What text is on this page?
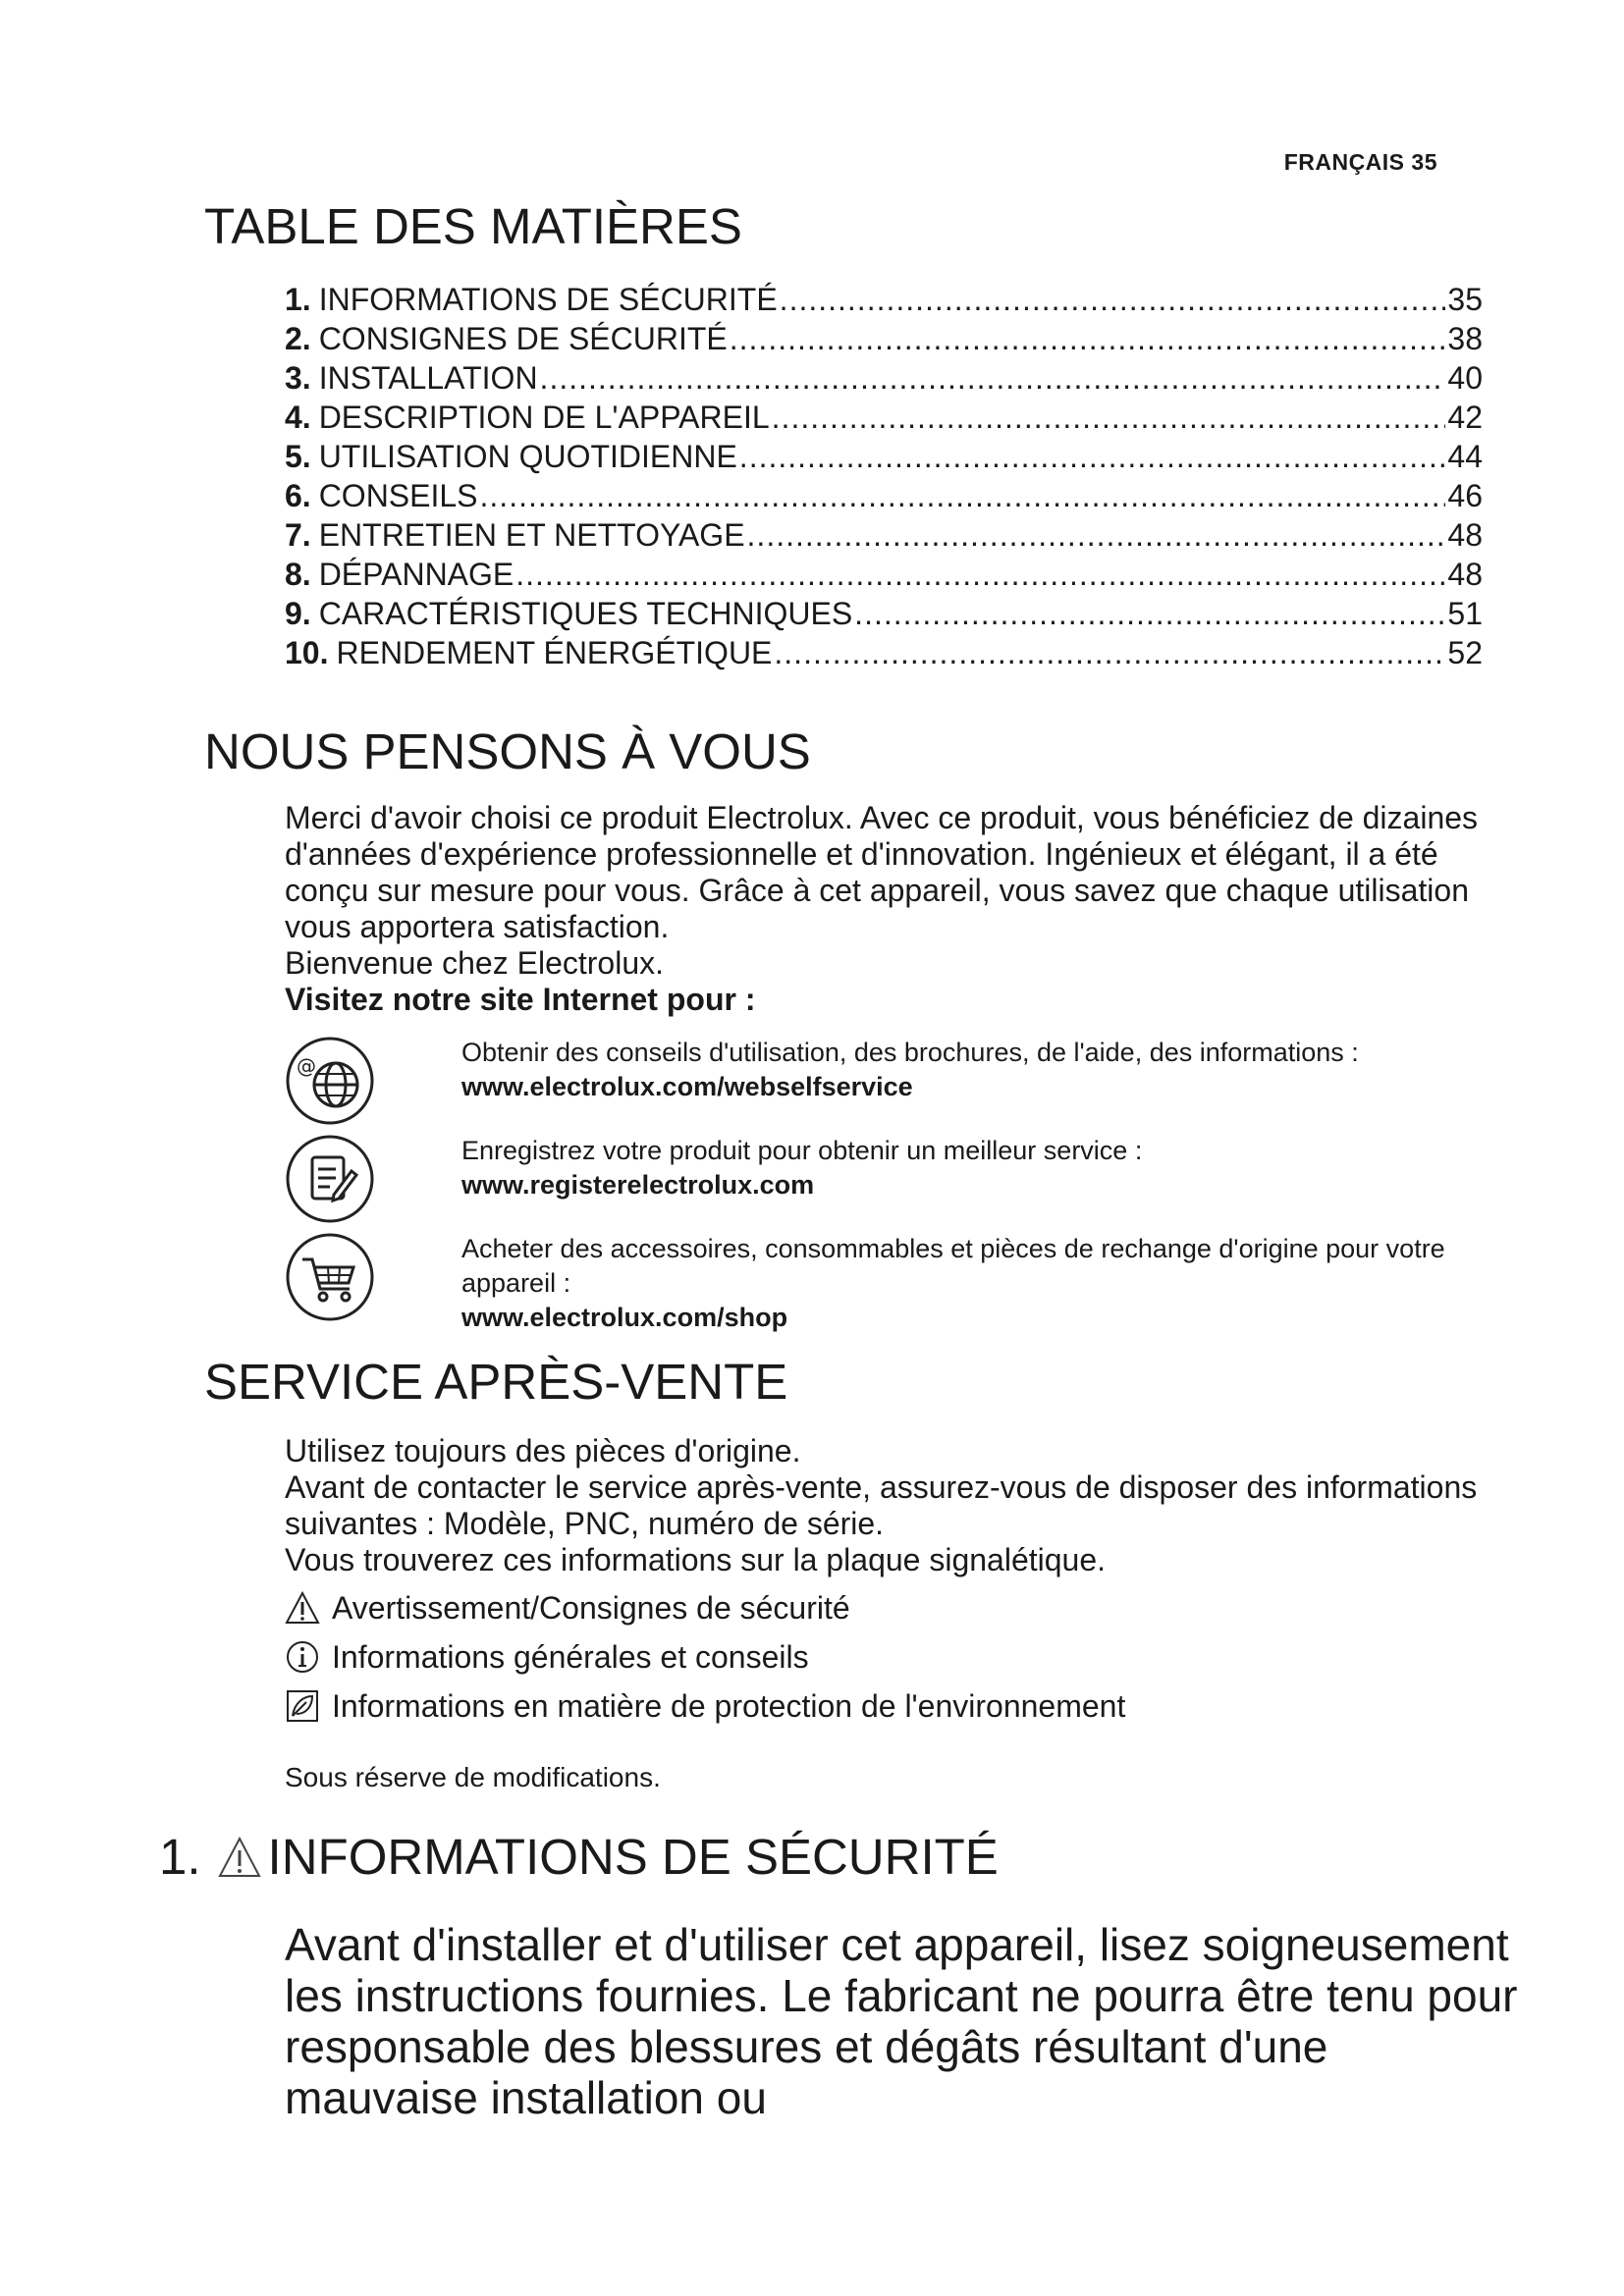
FRANÇAIS 35
TABLE DES MATIÈRES
1. INFORMATIONS DE SÉCURITÉ .....	35
2. CONSIGNES DE SÉCURITÉ .....	38
3. INSTALLATION .....	40
4. DESCRIPTION DE L'APPAREIL .....	42
5. UTILISATION QUOTIDIENNE .....	44
6. CONSEILS .....	46
7. ENTRETIEN ET NETTOYAGE .....	48
8. DÉPANNAGE .....	48
9. CARACTÉRISTIQUES TECHNIQUES .....	51
10. RENDEMENT ÉNERGÉTIQUE .....	52
NOUS PENSONS À VOUS

Merci d'avoir choisi ce produit Electrolux. Avec ce produit, vous bénéficiez de dizaines d'années d'expérience professionnelle et d'innovation. Ingénieux et élégant, il a été conçu sur mesure pour vous. Grâce à cet appareil, vous savez que chaque utilisation vous apportera satisfaction.

Bienvenue chez Electrolux.

Visitez notre site Internet pour :

@	Obtenir des conseils d'utilisation, des brochures, de l'aide, des informations :
www.electrolux.com/webselfservice
Enregistrez votre produit pour obtenir un meilleur service :
www.registerelectrolux.com
Acheter des accessoires, consommables et pièces de rechange d'origine pour votre appareil :
www.electrolux.com/shop
SERVICE APRÈS-VENTE

Utilisez toujours des pièces d'origine.

Avant de contacter le service après-vente, assurez-vous de disposer des informations suivantes : Modèle, PNC, numéro de série.

Vous trouverez ces informations sur la plaque signalétique.

Avertissement/Consignes de sécurité
Informations générales et conseils
Informations en matière de protection de l'environnement
Sous réserve de modifications.
1. INFORMATIONS DE SÉCURITÉ
Avant d'installer et d'utiliser cet appareil, lisez soigneusement les instructions fournies. Le fabricant ne pourra être tenu pour responsable des blessures et dégâts résultant d'une mauvaise installation ou
